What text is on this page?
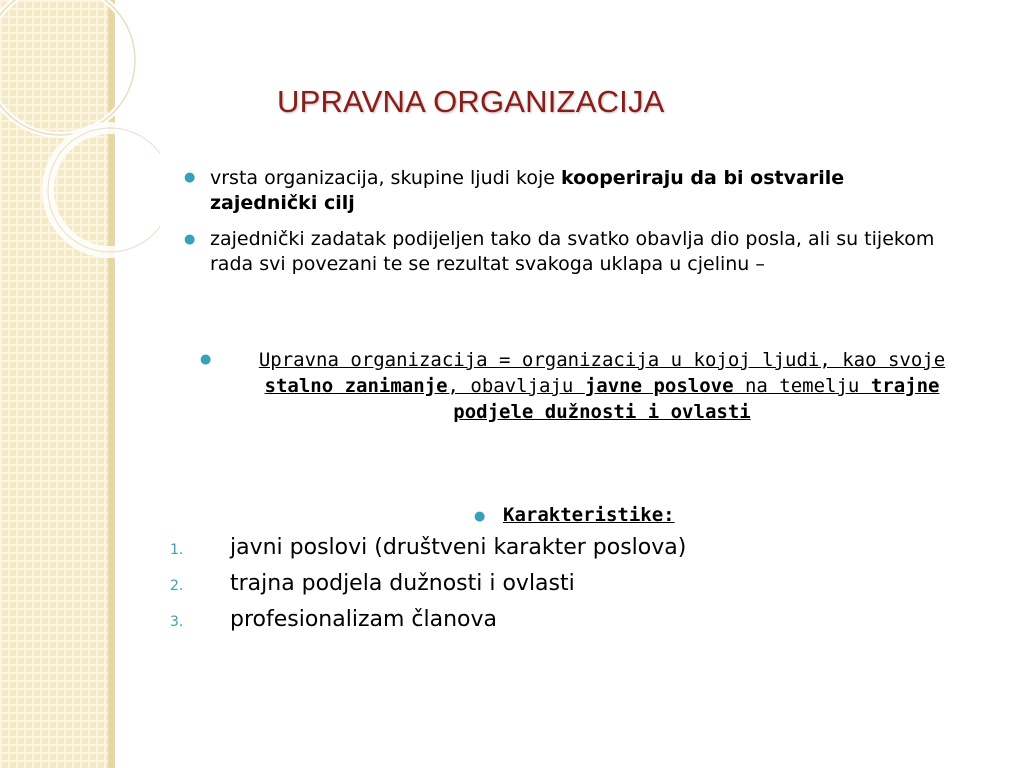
UPRAVNA ORGANIZACIJA
● vrsta organizacija, skupine ljudi koje kooperiraju da bi ostvarile zajednički cilj
● zajednički zadatak podijeljen tako da svatko obavlja dio posla, ali su tijekom rada svi povezani te se rezultat svakoga uklapa u cjelinu –
●	Upravna organizacija = organizacija u kojoj ljudi, kao svoje stalno zanimanje, obavljaju javne poslove na temelju trajne podjele dužnosti i ovlasti
● Karakteristike:
1. javni poslovi (društveni karakter poslova)
2. trajna podjela dužnosti i ovlasti
3. profesionalizam članova
